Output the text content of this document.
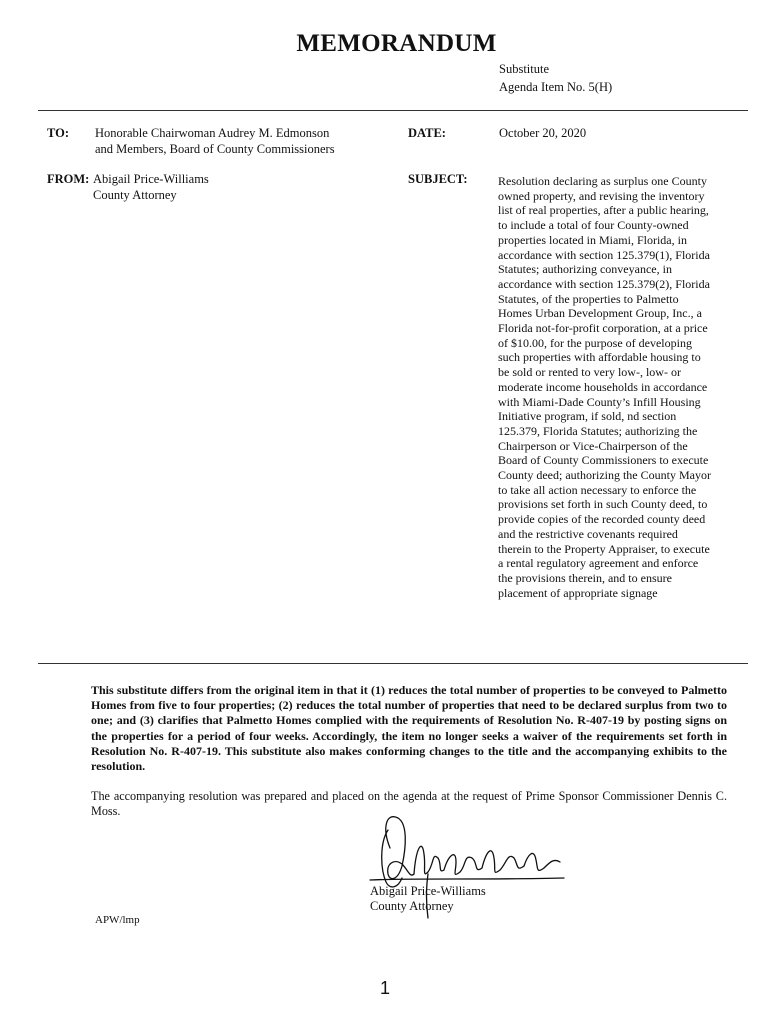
MEMORANDUM
Substitute
Agenda Item No. 5(H)
TO: Honorable Chairwoman Audrey M. Edmonson
and Members, Board of County Commissioners
DATE:	October 20, 2020
FROM: Abigail Price-Williams
County Attorney
SUBJECT:	Resolution declaring as surplus one County owned property, and revising the inventory list of real properties, after a public hearing, to include a total of four County-owned properties located in Miami, Florida, in accordance with section 125.379(1), Florida Statutes; authorizing conveyance, in accordance with section 125.379(2), Florida Statutes, of the properties to Palmetto Homes Urban Development Group, Inc., a Florida not-for-profit corporation, at a price of $10.00, for the purpose of developing such properties with affordable housing to be sold or rented to very low-, low- or moderate income households in accordance with Miami-Dade County’s Infill Housing Initiative program, if sold, nd section 125.379, Florida Statutes; authorizing the Chairperson or Vice-Chairperson of the Board of County Commissioners to execute County deed; authorizing the County Mayor to take all action necessary to enforce the provisions set forth in such County deed, to provide copies of the recorded county deed and the restrictive covenants required therein to the Property Appraiser, to execute a rental regulatory agreement and enforce the provisions therein, and to ensure placement of appropriate signage
This substitute differs from the original item in that it (1) reduces the total number of properties to be conveyed to Palmetto Homes from five to four properties; (2) reduces the total number of properties that need to be declared surplus from two to one; and (3) clarifies that Palmetto Homes complied with the requirements of Resolution No. R-407-19 by posting signs on the properties for a period of four weeks. Accordingly, the item no longer seeks a waiver of the requirements set forth in Resolution No. R-407-19. This substitute also makes conforming changes to the title and the accompanying exhibits to the resolution.
The accompanying resolution was prepared and placed on the agenda at the request of Prime Sponsor Commissioner Dennis C. Moss.
Abigail Price-Williams
County Attorney
APW/lmp
1
